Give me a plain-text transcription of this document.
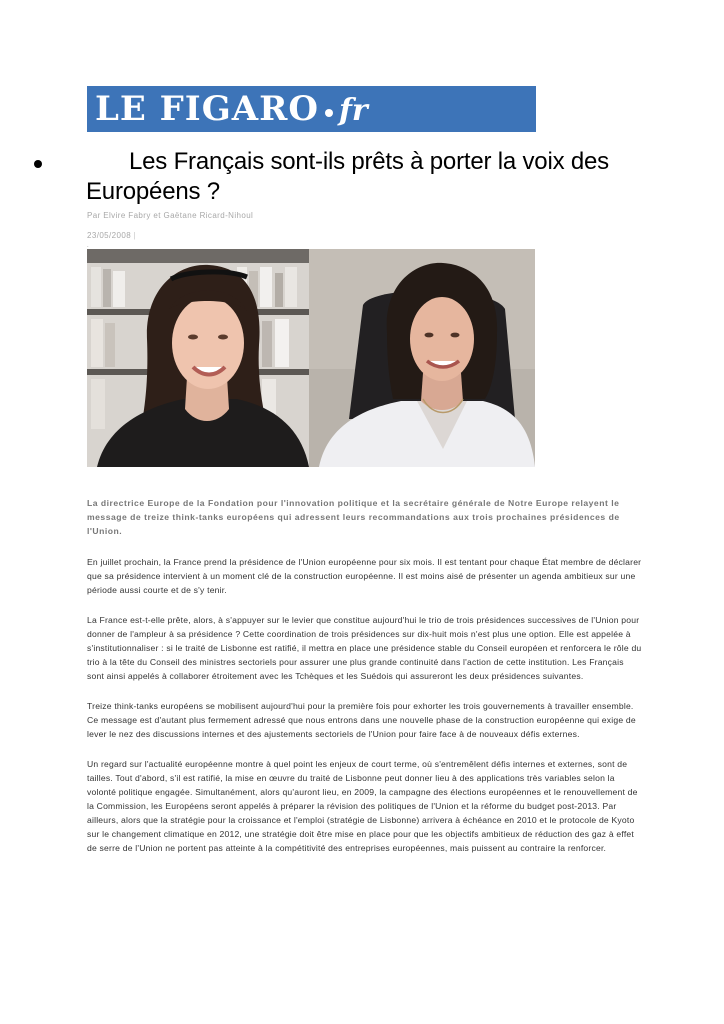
LE FIGARO fr
Les Français sont-ils prêts à porter la voix des Européens ?
Par Elvire Fabry et Gaëtane Ricard-Nihoul
23/05/2008 |
.

La directrice Europe de la Fondation pour l'innovation politique et la secrétaire générale de Notre Europe relayent le message de treize think-tanks européens qui adressent leurs recommandations aux trois prochaines présidences de l'Union.

En juillet prochain, la France prend la présidence de l'Union européenne pour six mois. Il est tentant pour chaque État membre de déclarer que sa présidence intervient à un moment clé de la construction européenne. Il est moins aisé de présenter un agenda ambitieux sur une période aussi courte et de s'y tenir.

La France est-t-elle prête, alors, à s'appuyer sur le levier que constitue aujourd'hui le trio de trois présidences successives de l'Union pour donner de l'ampleur à sa présidence ? Cette coordination de trois présidences sur dix-huit mois n'est plus une option. Elle est appelée à s'institutionnaliser : si le traité de Lisbonne est ratifié, il mettra en place une présidence stable du Conseil européen et renforcera le rôle du trio à la tête du Conseil des ministres sectoriels pour assurer une plus grande continuité dans l'action de cette institution. Les Français sont ainsi appelés à collaborer étroitement avec les Tchèques et les Suédois qui assureront les deux présidences suivantes.

Treize think-tanks européens se mobilisent aujourd'hui pour la première fois pour exhorter les trois gouvernements à travailler ensemble. Ce message est d'autant plus fermement adressé que nous entrons dans une nouvelle phase de la construction européenne qui exige de lever le nez des discussions internes et des ajustements sectoriels de l'Union pour faire face à de nouveaux défis externes.

Un regard sur l'actualité européenne montre à quel point les enjeux de court terme, où s'entremêlent défis internes et externes, sont de tailles. Tout d'abord, s'il est ratifié, la mise en œuvre du traité de Lisbonne peut donner lieu à des applications très variables selon la volonté politique engagée. Simultanément, alors qu'auront lieu, en 2009, la campagne des élections européennes et le renouvellement de la Commission, les Européens seront appelés à préparer la révision des politiques de l'Union et la réforme du budget post-2013. Par ailleurs, alors que la stratégie pour la croissance et l'emploi (stratégie de Lisbonne) arrivera à échéance en 2010 et le protocole de Kyoto sur le changement climatique en 2012, une stratégie doit être mise en place pour que les objectifs ambitieux de réduction des gaz à effet de serre de l'Union ne portent pas atteinte à la compétitivité des entreprises européennes, mais puissent au contraire la renforcer.
